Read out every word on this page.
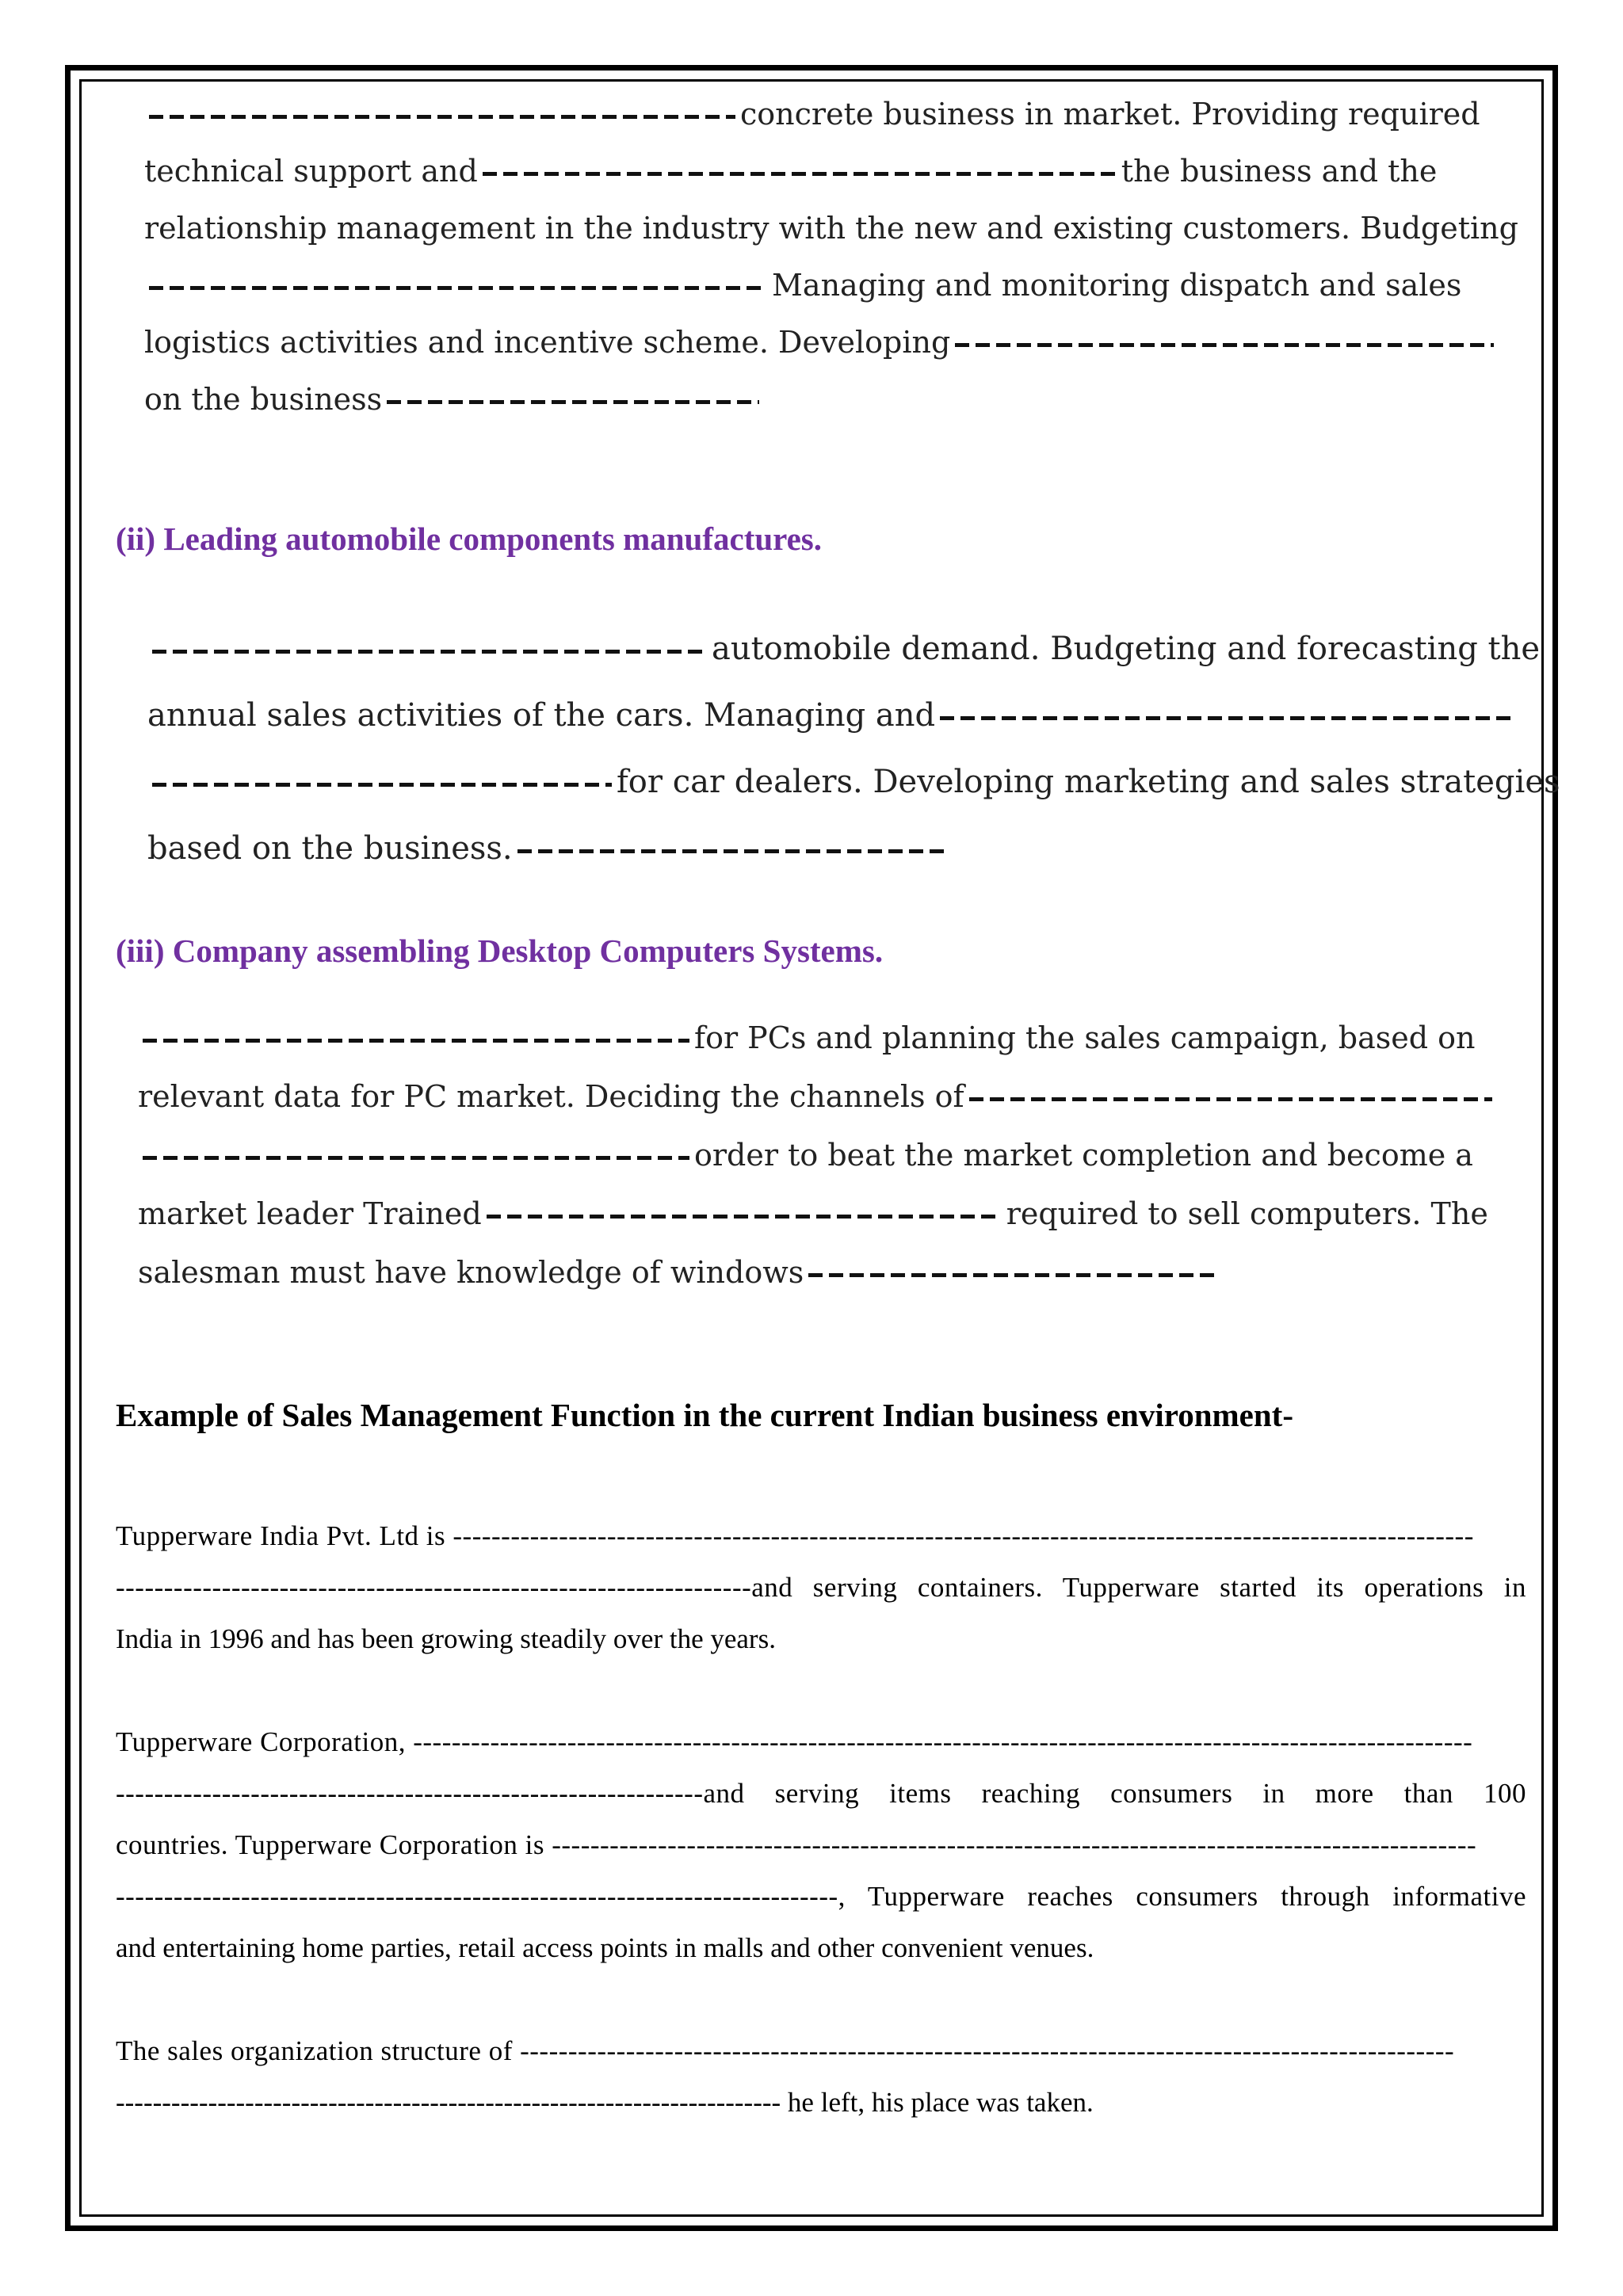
concrete business in market. Providing required
technical support and	the business and the
relationship management in the industry with the new and existing customers. Budgeting
Managing and monitoring dispatch and sales
logistics activities and incentive scheme. Developing
on the business
(ii) Leading automobile components manufactures.
automobile demand. Budgeting and forecasting the
annual sales activities of the cars. Managing and
for car dealers. Developing marketing and sales strategies
based on the business.
(iii) Company assembling Desktop Computers Systems.
for PCs and planning the sales campaign, based on
relevant data for PC market. Deciding the channels of
order to beat the market completion and become a
market leader Trained	required to sell computers. The
salesman must have knowledge of windows
Example of Sales Management Function in the current Indian business environment-
Tupperware India Pvt. Ltd is ----------------------------------------------------------------------------------------------------------
------------------------------------------------------------------and serving containers. Tupperware started its operations in
India in 1996 and has been growing steadily over the years.
Tupperware Corporation, --------------------------------------------------------------------------------------------------------------
-------------------------------------------------------------and serving items reaching consumers in more than 100
countries. Tupperware Corporation is ------------------------------------------------------------------------------------------------
---------------------------------------------------------------------------, Tupperware reaches consumers through informative
and entertaining home parties, retail access points in malls and other convenient venues.
The sales organization structure of -------------------------------------------------------------------------------------------------
------------------------------------------------------------------------ he left, his place was taken.
